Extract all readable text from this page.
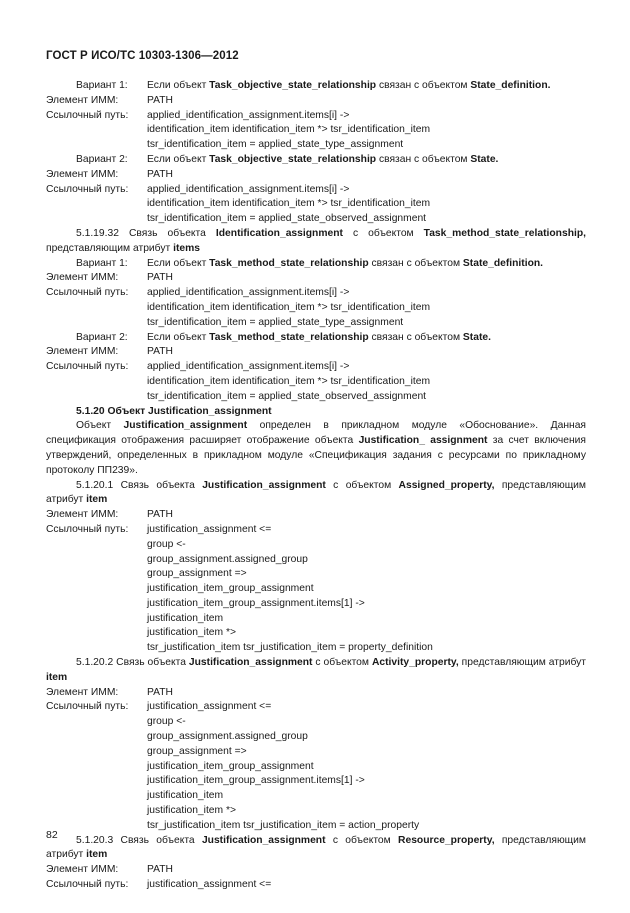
ГОСТ Р ИСО/ТС 10303-1306—2012
Вариант 1: Если объект Task_objective_state_relationship связан с объектом State_definition.
Элемент ИММ:	PATH
Ссылочный путь: applied_identification_assignment.items[i] ->
identification_item identification_item *> tsr_identification_item
tsr_identification_item = applied_state_type_assignment
Вариант 2: Если объект Task_objective_state_relationship связан с объектом State.
Элемент ИММ:	PATH
Ссылочный путь: applied_identification_assignment.items[i] ->
identification_item identification_item *> tsr_identification_item
tsr_identification_item = applied_state_observed_assignment
5.1.19.32 Связь объекта Identification_assignment с объектом Task_method_state_relationship, представляющим атрибут items
Вариант 1: Если объект Task_method_state_relationship связан с объектом State_definition.
Элемент ИММ:	PATH
Ссылочный путь: applied_identification_assignment.items[i] ->
identification_item identification_item *> tsr_identification_item
tsr_identification_item = applied_state_type_assignment
Вариант 2: Если объект Task_method_state_relationship связан с объектом State.
Элемент ИММ:	PATH
Ссылочный путь: applied_identification_assignment.items[i] ->
identification_item identification_item *> tsr_identification_item
tsr_identification_item = applied_state_observed_assignment
5.1.20 Объект Justification_assignment
Объект Justification_assignment определен в прикладном модуле «Обоснование». Данная спецификация отображения расширяет отображение объекта Justification_ assignment за счет включения утверждений, определенных в прикладном модуле «Спецификация задания с ресурсами по прикладному протоколу ПП239».
5.1.20.1 Связь объекта Justification_assignment с объектом Assigned_property, представляющим атрибут item
Элемент ИММ:	PATH
Ссылочный путь: justification_assignment <=
group <-
group_assignment.assigned_group
group_assignment =>
justification_item_group_assignment
justification_item_group_assignment.items[1] ->
justification_item
justification_item *>
tsr_justification_item tsr_justification_item = property_definition
5.1.20.2 Связь объекта Justification_assignment с объектом Activity_property, представляющим атрибут item
Элемент ИММ:	PATH
Ссылочный путь: justification_assignment <=
group <-
group_assignment.assigned_group
group_assignment =>
justification_item_group_assignment
justification_item_group_assignment.items[1] ->
justification_item
justification_item *>
tsr_justification_item tsr_justification_item = action_property
5.1.20.3 Связь объекта Justification_assignment с объектом Resource_property, представляющим атрибут item
Элемент ИММ:	PATH
Ссылочный путь: justification_assignment <=
82
